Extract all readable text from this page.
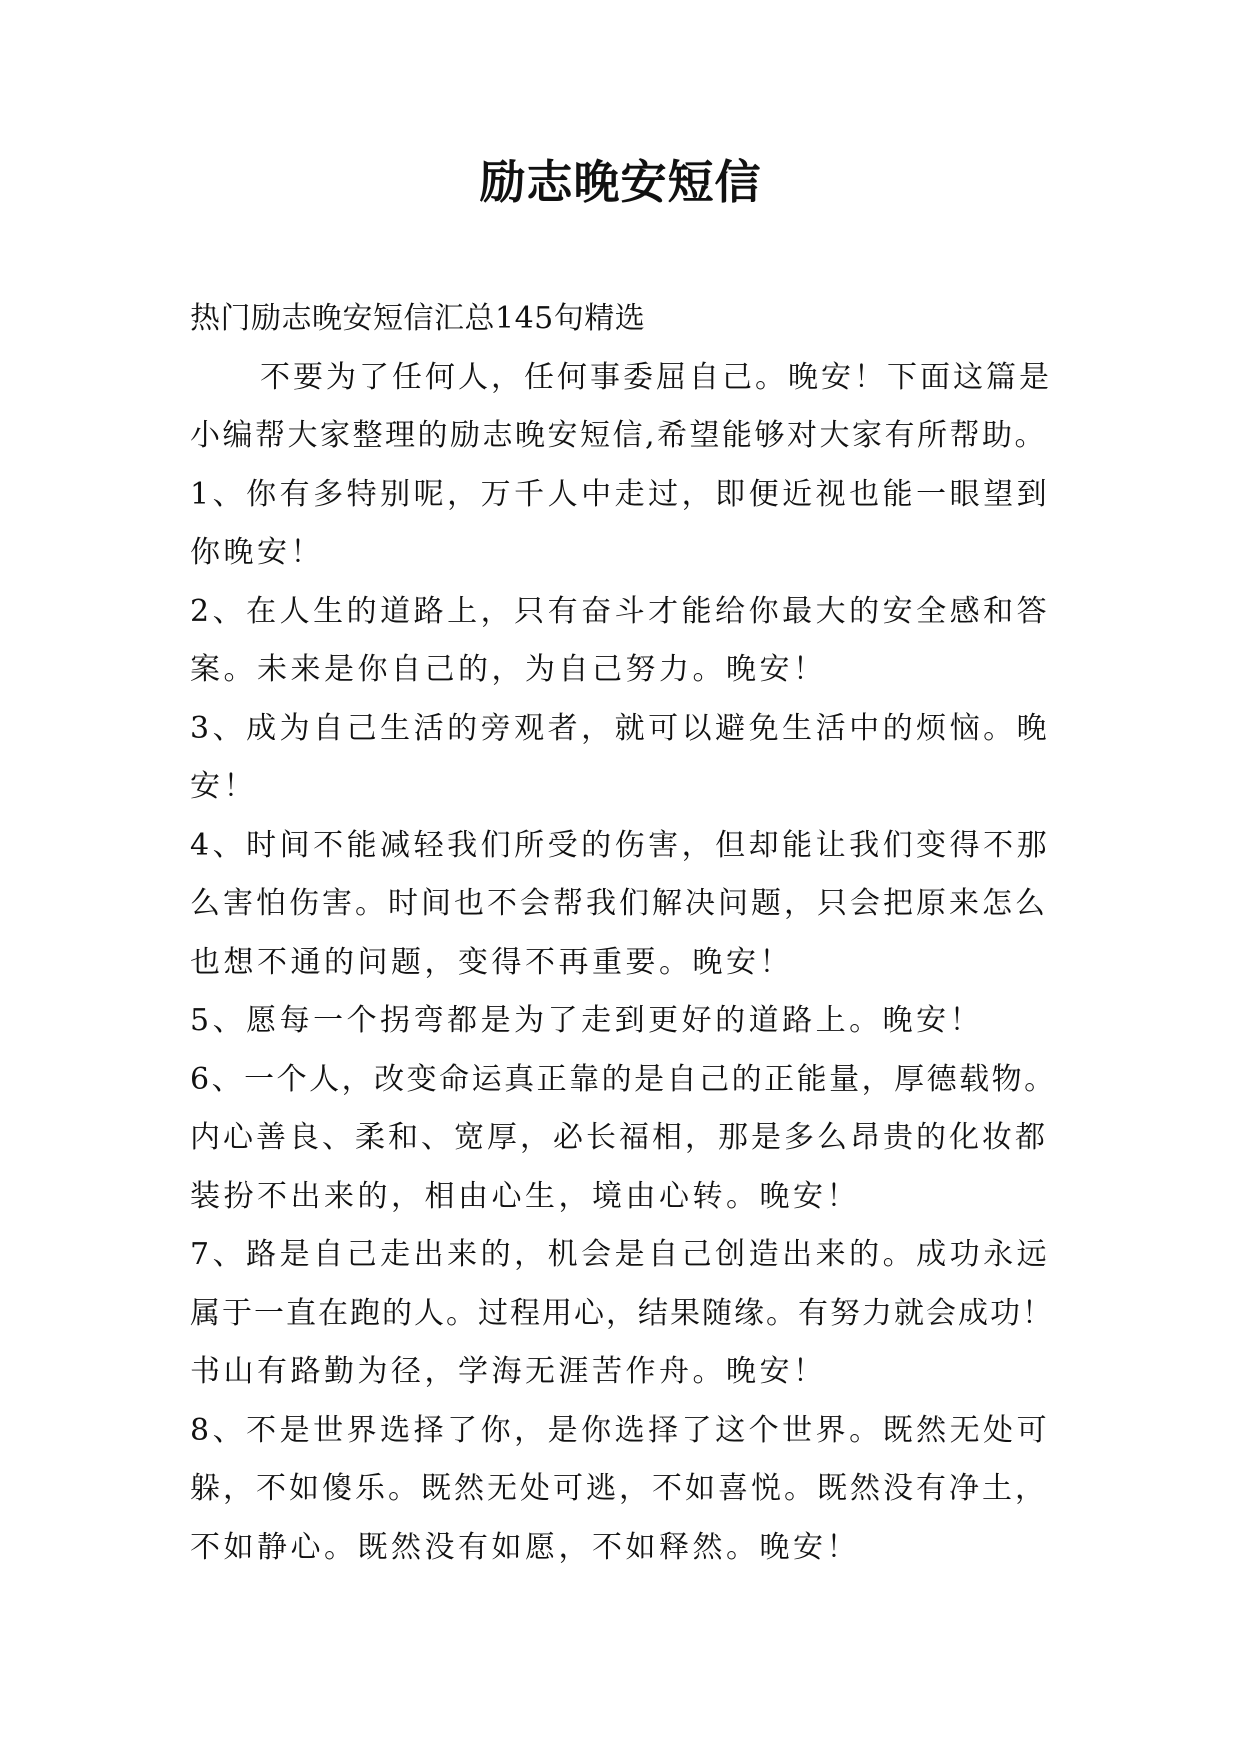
励志晚安短信
热门励志晚安短信汇总145句精选
不要为了任何人，任何事委屈自己。晚安！下面这篇是
小编帮大家整理的励志晚安短信,希望能够对大家有所帮助。
1、你有多特别呢，万千人中走过，即便近视也能一眼望到
你晚安！
2、在人生的道路上，只有奋斗才能给你最大的安全感和答
案。未来是你自己的，为自己努力。晚安！
3、成为自己生活的旁观者，就可以避免生活中的烦恼。晚
安！
4、时间不能减轻我们所受的伤害，但却能让我们变得不那
么害怕伤害。时间也不会帮我们解决问题，只会把原来怎么
也想不通的问题，变得不再重要。晚安！
5、愿每一个拐弯都是为了走到更好的道路上。晚安！
6、一个人，改变命运真正靠的是自己的正能量，厚德载物。
内心善良、柔和、宽厚，必长福相，那是多么昂贵的化妆都
装扮不出来的，相由心生，境由心转。晚安！
7、路是自己走出来的，机会是自己创造出来的。成功永远
属于一直在跑的人。过程用心，结果随缘。有努力就会成功！
书山有路勤为径，学海无涯苦作舟。晚安！
8、不是世界选择了你，是你选择了这个世界。既然无处可
躲，不如傻乐。既然无处可逃，不如喜悦。既然没有净土，
不如静心。既然没有如愿，不如释然。晚安！
